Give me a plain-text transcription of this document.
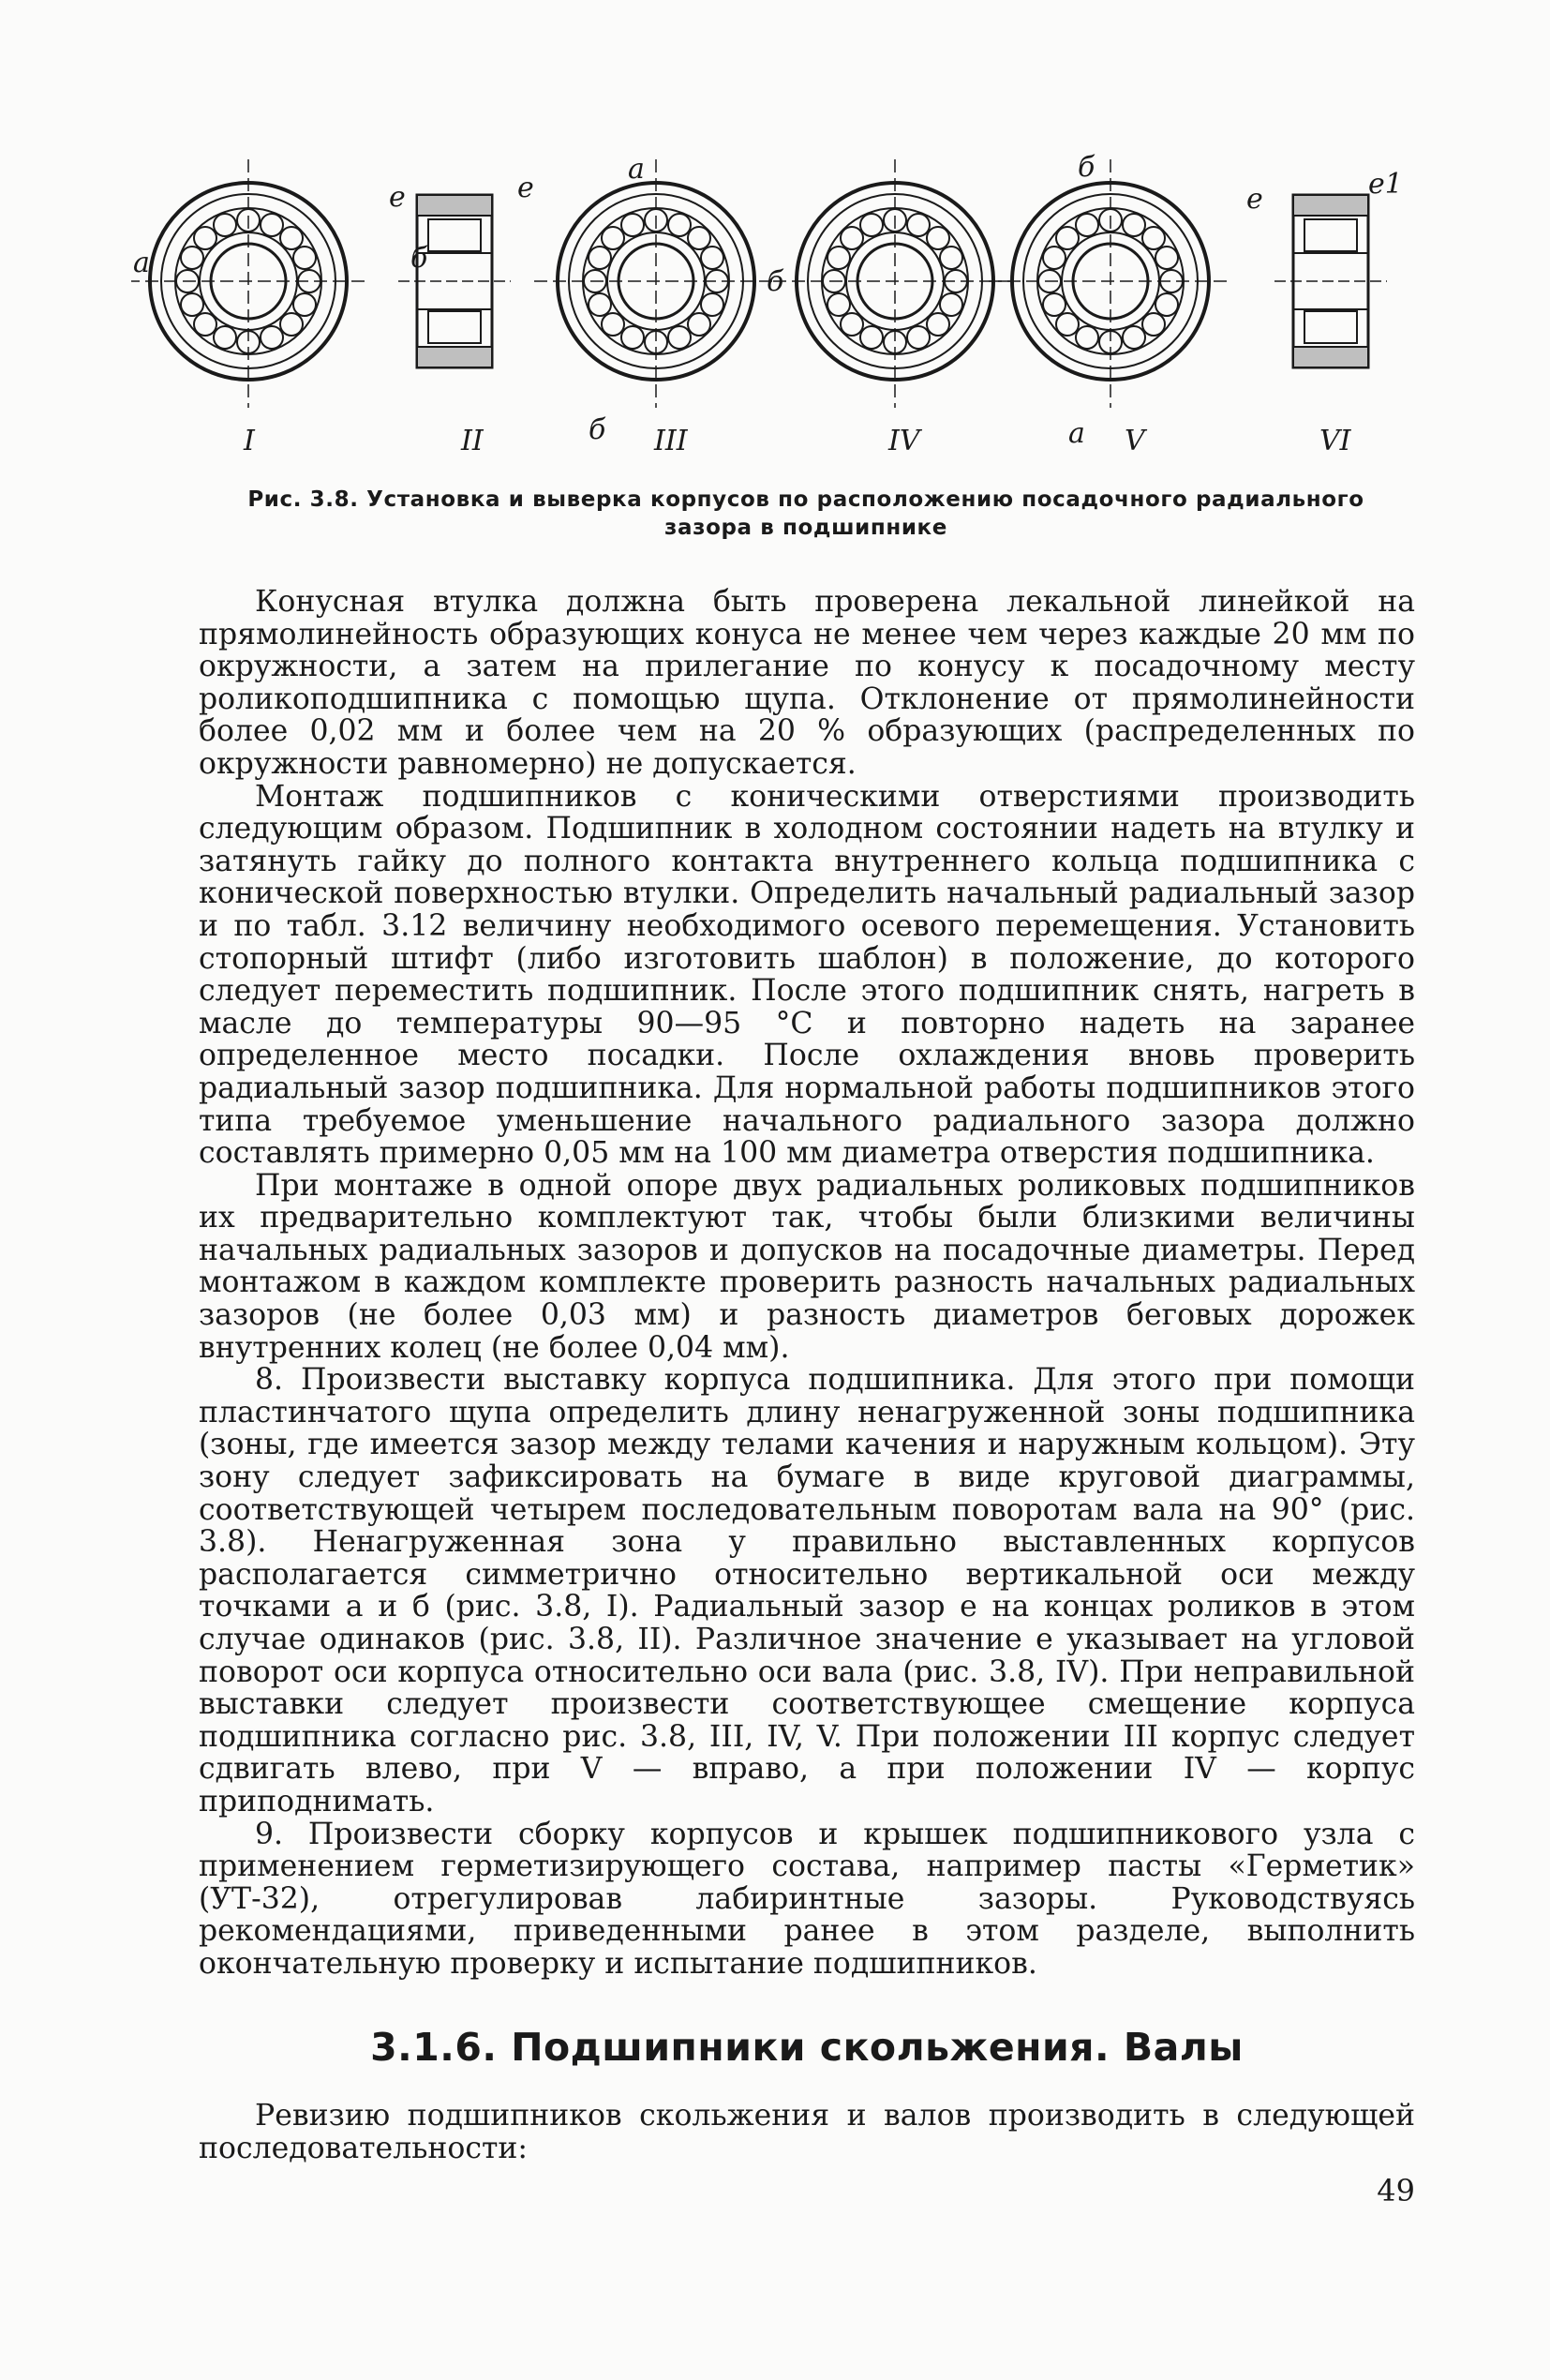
I	II	III	IV	V	VI
а
а
а
б
б
б
б
е	е	е	е1
Рис. 3.8. Установка и выверка корпусов по расположению посадочного радиального
зазора в подшипнике

Конусная втулка должна быть проверена лекальной линейкой на прямолинейность образующих конуса не менее чем через каждые 20 мм по окружности, а затем на прилегание по конусу к посадочному месту роликоподшипника с помощью щупа. Отклонение от прямолинейности более 0,02 мм и более чем на 20 % образующих (распределенных по окружности равномерно) не допускается.

Монтаж подшипников с коническими отверстиями производить следующим образом. Подшипник в холодном состоянии надеть на втулку и затянуть гайку до полного контакта внутреннего кольца подшипника с конической поверхностью втулки. Определить начальный радиальный зазор и по табл. 3.12 величину необходимого осевого перемещения. Установить стопорный штифт (либо изготовить шаблон) в положение, до которого следует переместить подшипник. После этого подшипник снять, нагреть в масле до температуры 90—95 °С и повторно надеть на заранее определенное место посадки. После охлаждения вновь проверить радиальный зазор подшипника. Для нормальной работы подшипников этого типа требуемое уменьшение начального радиального зазора должно составлять примерно 0,05 мм на 100 мм диаметра отверстия подшипника.

При монтаже в одной опоре двух радиальных роликовых подшипников их предварительно комплектуют так, чтобы были близкими величины начальных радиальных зазоров и допусков на посадочные диаметры. Перед монтажом в каждом комплекте проверить разность начальных радиальных зазоров (не более 0,03 мм) и разность диаметров беговых дорожек внутренних колец (не более 0,04 мм).

8. Произвести выставку корпуса подшипника. Для этого при помощи пластинчатого щупа определить длину ненагруженной зоны подшипника (зоны, где имеется зазор между телами качения и наружным кольцом). Эту зону следует зафиксировать на бумаге в виде круговой диаграммы, соответствующей четырем последовательным поворотам вала на 90° (рис. 3.8). Ненагруженная зона у правильно выставленных корпусов располагается симметрично относительно вертикальной оси между точками а и б (рис. 3.8, I). Радиальный зазор е на концах роликов в этом случае одинаков (рис. 3.8, II). Различное значение е указывает на угловой поворот оси корпуса относительно оси вала (рис. 3.8, IV). При неправильной выставки следует произвести соответствующее смещение корпуса подшипника согласно рис. 3.8, III, IV, V. При положении III корпус следует сдвигать влево, при V — вправо, а при положении IV — корпус приподнимать.

9. Произвести сборку корпусов и крышек подшипникового узла с применением герметизирующего состава, например пасты «Герметик» (УТ-32), отрегулировав лабиринтные зазоры. Руководствуясь рекомендациями, приведенными ранее в этом разделе, выполнить окончательную проверку и испытание подшипников.

3.1.6. Подшипники скольжения. Валы

Ревизию подшипников скольжения и валов производить в следующей последовательности:

49
